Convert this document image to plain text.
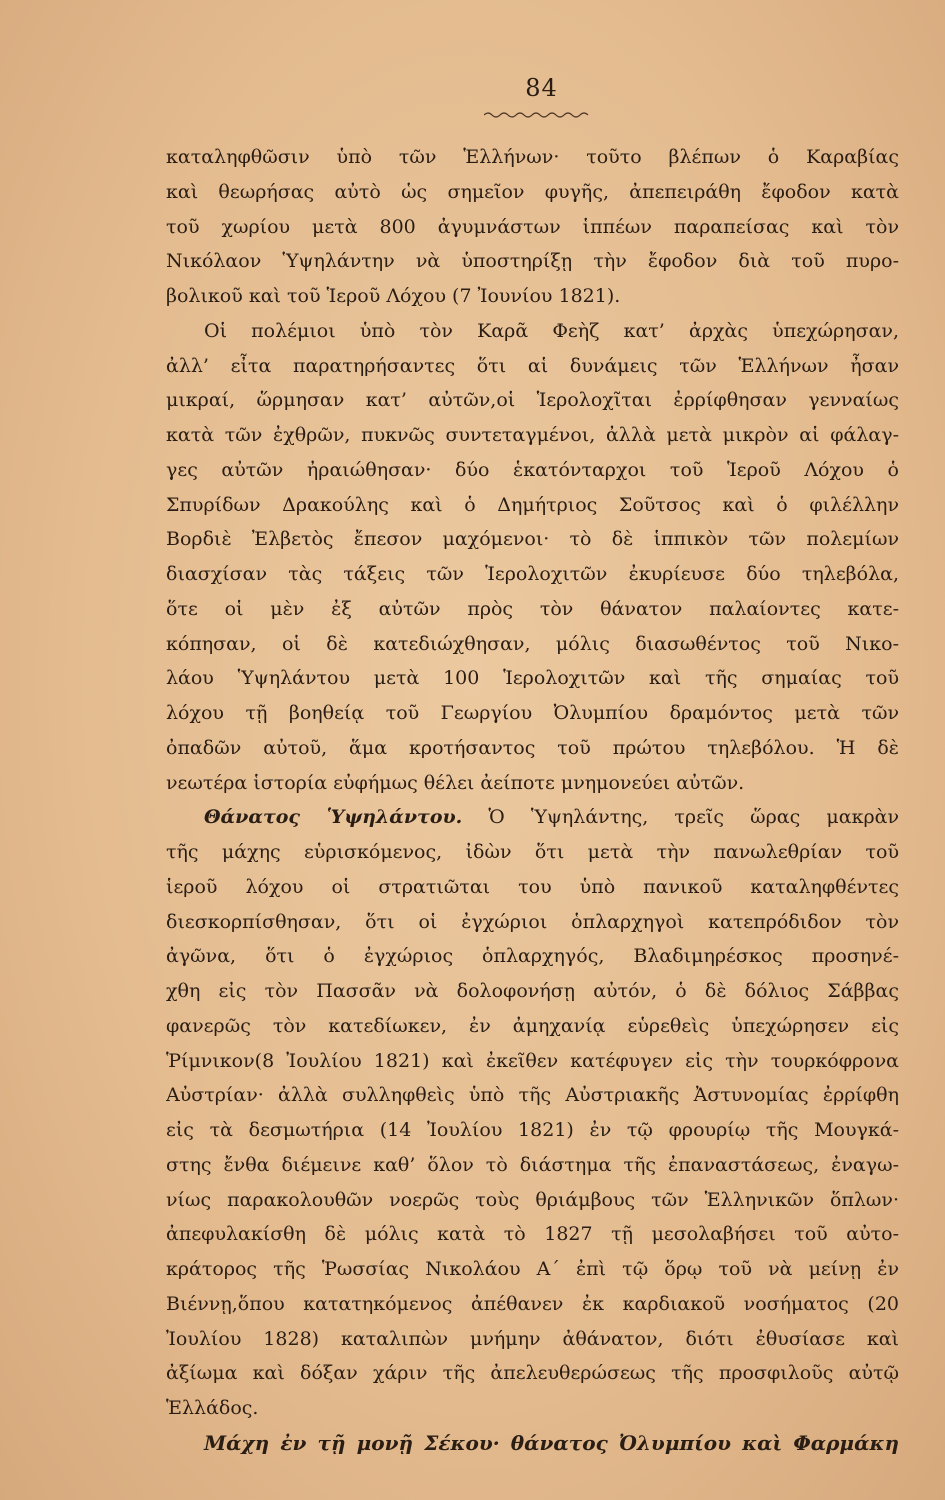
84
καταληφθῶσιν ὑπὸ τῶν Ἑλλήνων· τοῦτο βλέπων ὁ Καραβίας
καὶ θεωρήσας αὐτὸ ὡς σημεῖον φυγῆς, ἀπεπειράθη ἔφοδον κατὰ
τοῦ χωρίου μετὰ 800 ἀγυμνάστων ἱππέων παραπείσας καὶ τὸν
Νικόλαον Ὑψηλάντην νὰ ὑποστηρίξῃ τὴν ἔφοδον διὰ τοῦ πυρο-
βολικοῦ καὶ τοῦ Ἱεροῦ Λόχου (7 Ἰουνίου 1821).
Οἱ πολέμιοι ὑπὸ τὸν Καρᾶ Φεὴζ κατ’ ἀρχὰς ὑπεχώρησαν,
ἀλλ’ εἶτα παρατηρήσαντες ὅτι αἱ δυνάμεις τῶν Ἑλλήνων ἦσαν
μικραί, ὥρμησαν κατ’ αὐτῶν,οἱ Ἱερολοχῖται ἐρρίφθησαν γενναίως
κατὰ τῶν ἐχθρῶν, πυκνῶς συντεταγμένοι, ἀλλὰ μετὰ μικρὸν αἱ φάλαγ-
γες αὐτῶν ἠραιώθησαν· δύο ἑκατόνταρχοι τοῦ Ἱεροῦ Λόχου ὁ
Σπυρίδων Δρακούλης καὶ ὁ Δημήτριος Σοῦτσος καὶ ὁ φιλέλλην
Βορδιὲ Ἐλβετὸς ἔπεσον μαχόμενοι· τὸ δὲ ἱππικὸν τῶν πολεμίων
διασχίσαν τὰς τάξεις τῶν Ἱερολοχιτῶν ἐκυρίευσε δύο τηλεβόλα,
ὅτε οἱ μὲν ἐξ αὐτῶν πρὸς τὸν θάνατον παλαίοντες κατε-
κόπησαν, οἱ δὲ κατεδιώχθησαν, μόλις διασωθέντος τοῦ Νικο-
λάου Ὑψηλάντου μετὰ 100 Ἱερολοχιτῶν καὶ τῆς σημαίας τοῦ
λόχου τῇ βοηθείᾳ τοῦ Γεωργίου Ὀλυμπίου δραμόντος μετὰ τῶν
ὀπαδῶν αὐτοῦ, ἅμα κροτήσαντος τοῦ πρώτου τηλεβόλου. Ἡ δὲ
νεωτέρα ἱστορία εὐφήμως θέλει ἀείποτε μνημονεύει αὐτῶν.
Θάνατος Ὑψηλάντου. Ὁ Ὑψηλάντης, τρεῖς ὥρας μακρὰν
τῆς μάχης εὑρισκόμενος, ἰδὼν ὅτι μετὰ τὴν πανωλεθρίαν τοῦ
ἱεροῦ λόχου οἱ στρατιῶται του ὑπὸ πανικοῦ καταληφθέντες
διεσκορπίσθησαν, ὅτι οἱ ἐγχώριοι ὁπλαρχηγοὶ κατεπρόδιδον τὸν
ἀγῶνα, ὅτι ὁ ἐγχώριος ὁπλαρχηγός, Βλαδιμηρέσκος προσηνέ-
χθη εἰς τὸν Πασσᾶν νὰ δολοφονήσῃ αὐτόν, ὁ δὲ δόλιος Σάββας
φανερῶς τὸν κατεδίωκεν, ἐν ἀμηχανίᾳ εὑρεθεὶς ὑπεχώρησεν εἰς
Ῥίμνικον(8 Ἰουλίου 1821) καὶ ἐκεῖθεν κατέφυγεν εἰς τὴν τουρκόφρονα
Αὐστρίαν· ἀλλὰ συλληφθεὶς ὑπὸ τῆς Αὐστριακῆς Ἀστυνομίας ἐρρίφθη
εἰς τὰ δεσμωτήρια (14 Ἰουλίου 1821) ἐν τῷ φρουρίῳ τῆς Μουγκά-
στης ἔνθα διέμεινε καθ’ ὅλον τὸ διάστημα τῆς ἐπαναστάσεως, ἐναγω-
νίως παρακολουθῶν νοερῶς τοὺς θριάμβους τῶν Ἑλληνικῶν ὅπλων·
ἀπεφυλακίσθη δὲ μόλις κατὰ τὸ 1827 τῇ μεσολαβήσει τοῦ αὐτο-
κράτορος τῆς Ῥωσσίας Νικολάου Α΄ ἐπὶ τῷ ὅρῳ τοῦ νὰ μείνῃ ἐν
Βιέννῃ,ὅπου κατατηκόμενος ἀπέθανεν ἐκ καρδιακοῦ νοσήματος (20
Ἰουλίου 1828) καταλιπὼν μνήμην ἀθάνατον, διότι ἐθυσίασε καὶ
ἀξίωμα καὶ δόξαν χάριν τῆς ἀπελευθερώσεως τῆς προσφιλοῦς αὐτῷ
Ἑλλάδος.
Μάχη ἐν τῇ μονῇ Σέκου· θάνατος Ὀλυμπίου καὶ Φαρμάκη
